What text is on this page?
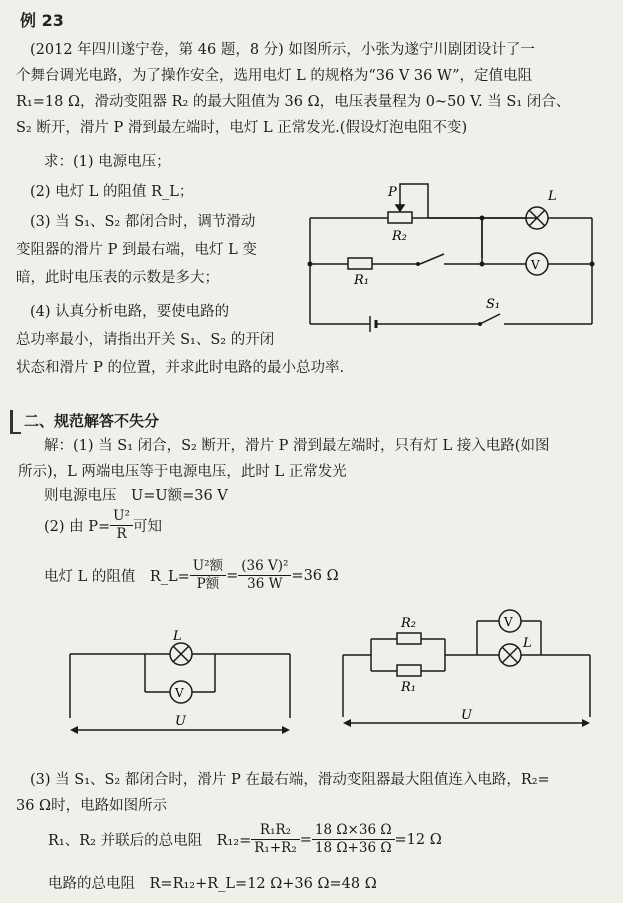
例 23
(2012 年四川遂宁卷，第 46 题，8 分) 如图所示，小张为遂宁川剧团设计了一
个舞台调光电路，为了操作安全，选用电灯 L 的规格为“36 V 36 W”，定值电阻
R₁=18 Ω，滑动变阻器 R₂ 的最大阻值为 36 Ω，电压表量程为 0~50 V. 当 S₁ 闭合、
S₂ 断开，滑片 P 滑到最左端时，电灯 L 正常发光.(假设灯泡电阻不变)
求：(1) 电源电压；
(2) 电灯 L 的阻值 R_L；
(3) 当 S₁、S₂ 都闭合时，调节滑动
变阻器的滑片 P 到最右端，电灯 L 变
暗，此时电压表的示数是多大；
(4) 认真分析电路，要使电路的
总功率最小，请指出开关 S₁、S₂ 的开闭
状态和滑片 P 的位置，并求此时电路的最小总功率.
P
R₂
R₁
L
V
S₁
二、规范解答不失分
解：(1) 当 S₁ 闭合，S₂ 断开，滑片 P 滑到最左端时，只有灯 L 接入电路(如图
所示)，L 两端电压等于电源电压，此时 L 正常发光
则电源电压　U=U额=36 V
(2) 由 $P= \frac{\text{U²}}{R}$ 可知
电灯 L 的阻值　R_L= $\frac{\text{U²额}}{\text{P额}} = \frac{\text{(36 V)²}}{36 W} =36$ Ω
L
V
U
R₂
R₁
V
L
U
(3) 当 S₁、S₂ 都闭合时，滑片 P 在最右端，滑动变阻器最大阻值连入电路，R₂=
36 Ω时，电路如图所示
R₁、R₂ 并联后的总电阻　$R_{12}= \frac{\text{R₁R₂}}{\text{R₁+R₂}} = \frac{18 \Omega\times 36 \Omega}{18 \Omega+36 \Omega} =12$ Ω
电路的总电阻　R=R₁₂+R_L=12 Ω+36 Ω=48 Ω
